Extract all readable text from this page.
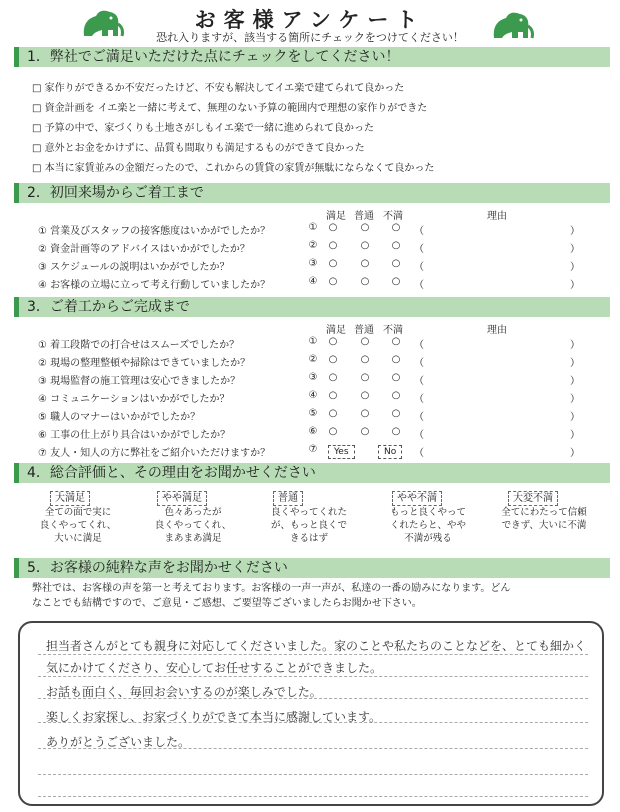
お客様アンケート
恐れ入りますが、該当する箇所にチェックをつけてください！
1．弊社でご満足いただけた点にチェックをしてください！
□ 家作りができるか不安だったけど、不安も解決してイエ楽で建てられて良かった
□ 資金計画を イエ楽と一緒に考えて、無理のない予算の範囲内で理想の家作りができた
□ 予算の中で、家づくりも土地さがしもイエ楽で一緒に進められて良かった
□ 意外とお金をかけずに、品質も間取りも満足するものができて良かった
□ 本当に家賃並みの金額だったので、これからの賃貸の家賃が無駄にならなくて良かった
2．初回来場からご着工まで
満足 普通 不満	理由
① 営業及びスタッフの接客態度はいかがでしたか？	①	○ ○ ○ （	）
② 資金計画等のアドバイスはいかがでしたか？	②	○ ○ ○ （	）
③ スケジュールの説明はいかがでしたか？	③	○ ○ ○ （	）
④ お客様の立場に立って考え行動していましたか？	④	○ ○ ○ （	）
3．ご着工からご完成まで
満足 普通 不満	理由
① 着工段階での打合せはスムーズでしたか？	①	○ ○ ○ （	）
② 現場の整理整頓や掃除はできていましたか？	②	○ ○ ○ （	）
③ 現場監督の施工管理は安心できましたか？	③	○ ○ ○ （	）
④ コミュニケーションはいかがでしたか？	④	○ ○ ○ （	）
⑤ 職人のマナーはいかがでしたか？	⑤	○ ○ ○ （	）
⑥ 工事の仕上がり具合はいかがでしたか？	⑥	○ ○ ○ （	）
⑦ 友人・知人の方に弊社をご紹介いただけますか？	⑦	Yes	No	（	）
4．総合評価と、その理由をお聞かせください
大満足
全ての面で実に
良くやってくれ、
大いに満足
やや満足
色々あったが
良くやってくれ、
まあまあ満足
普通
良くやってくれた
が、もっと良くで
きるはず
やや不満
もっと良くやって
くれたらと、やや
不満が残る
大変不満
全てにわたって信頼
できず、大いに不満
5．お客様の純粋な声をお聞かせください
弊社では、お客様の声を第一と考えております。お客様の一声一声が、私達の一番の励みになります。どん
なことでも結構ですので、ご意見・ご感想、ご要望等ございましたらお聞かせ下さい。
担当者さんがとても親身に対応してくださいました。家のことや私たちのことなどを、とても細かく
気にかけてくださり、安心してお任せすることができました。
お話も面白く、毎回お会いするのが楽しみでした。
楽しくお家探し、お家づくりができて本当に感謝しています。
ありがとうございました。
